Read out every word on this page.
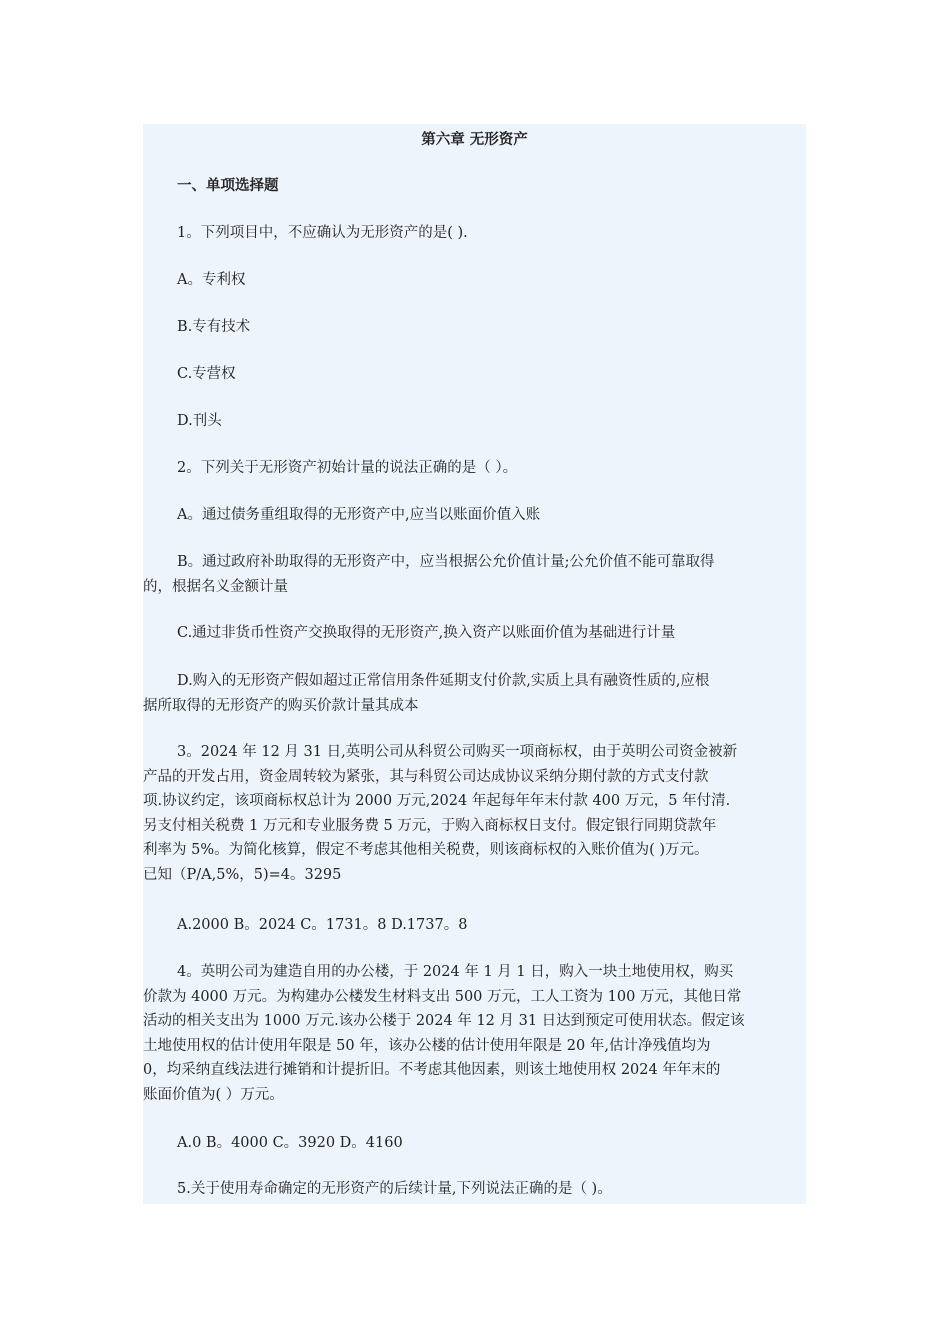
第六章 无形资产
一、单项选择题
1。下列项目中，不应确认为无形资产的是( ).
A。专利权
B.专有技术
C.专营权
D.刊头
2。下列关于无形资产初始计量的说法正确的是（ ）。
A。通过债务重组取得的无形资产中,应当以账面价值入账
B。通过政府补助取得的无形资产中，应当根据公允价值计量;公允价值不能可靠取得
的，根据名义金额计量
C.通过非货币性资产交换取得的无形资产,换入资产以账面价值为基础进行计量
D.购入的无形资产假如超过正常信用条件延期支付价款,实质上具有融资性质的,应根
据所取得的无形资产的购买价款计量其成本
3。2024 年 12 月 31 日,英明公司从科贸公司购买一项商标权，由于英明公司资金被新
产品的开发占用，资金周转较为紧张，其与科贸公司达成协议采纳分期付款的方式支付款
项.协议约定，该项商标权总计为 2000 万元,2024 年起每年年末付款 400 万元，5 年付清.
另支付相关税费 1 万元和专业服务费 5 万元，于购入商标权日支付。假定银行同期贷款年
利率为 5%。为简化核算，假定不考虑其他相关税费，则该商标权的入账价值为( )万元。
已知（P/A,5%，5)=4。3295
A.2000 B。2024 C。1731。8 D.1737。8
4。英明公司为建造自用的办公楼，于 2024 年 1 月 1 日，购入一块土地使用权，购买
价款为 4000 万元。为构建办公楼发生材料支出 500 万元，工人工资为 100 万元，其他日常
活动的相关支出为 1000 万元.该办公楼于 2024 年 12 月 31 日达到预定可使用状态。假定该
土地使用权的估计使用年限是 50 年，该办公楼的估计使用年限是 20 年,估计净残值均为
0，均采纳直线法进行摊销和计提折旧。不考虑其他因素，则该土地使用权 2024 年年末的
账面价值为( ）万元。
A.0 B。4000 C。3920 D。4160
5.关于使用寿命确定的无形资产的后续计量,下列说法正确的是（ )。
